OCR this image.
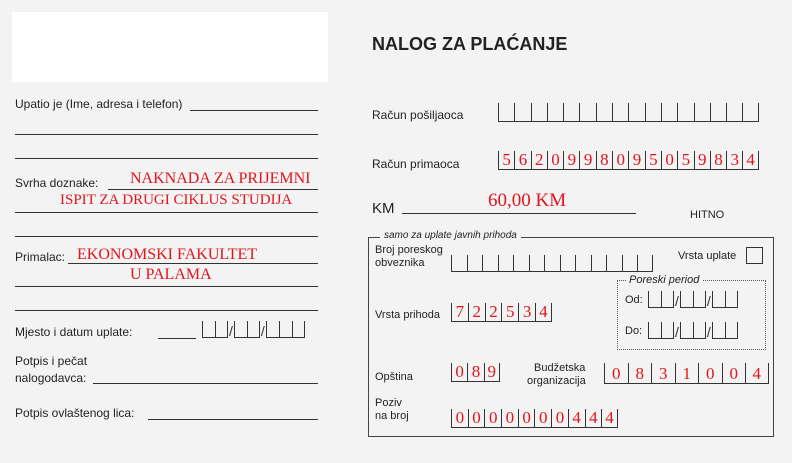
Upatio je (Ime, adresa i telefon)
Svrha doznake: NAKNADA ZA PRIJEMNI
ISPIT ZA DRUGI CIKLUS STUDIJA
Primalac: EKONOMSKI FAKULTET
U PALAMA
Mjesto i datum uplate:	/ /
Potpis i pečat
nalogodavca:
Potpis ovlaštenog lica:
NALOG ZA PLAĆANJE
Račun pošiljaoca
Račun primaoca	5 6 2 0 9 9 8 0 9 5 0 5 9 8 3 4
KM	60,00 KM
HITNO
samo za uplate javnih prihoda
Broj poreskog
obveznika
Vrsta uplate
Poreski period
Od: / /
Do: / /
Vrsta prihoda 7 2 2 5 3 4
Opština 0 8 9	Budžetska
organizacija	0 8 3 1 0 0 4
Poziv
na broj	0 0 0 0 0 0 0 4 4 4
